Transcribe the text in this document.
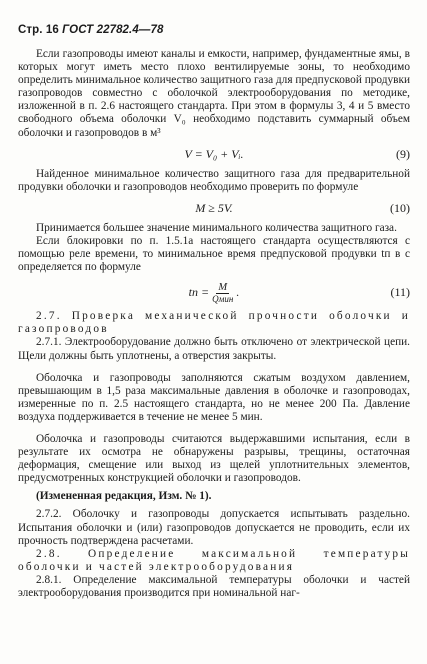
Стр. 16 ГОСТ 22782.4—78

Если газопроводы имеют каналы и емкости, например, фундаментные ямы, в которых могут иметь место плохо вентилируемые зоны, то необходимо определить минимальное количество защитного газа для предпусковой продувки газопроводов совместно с оболочкой электрооборудования по методике, изложенной в п. 2.6 настоящего стандарта. При этом в формулы 3, 4 и 5 вместо свободного объема оболочки V₀ необходимо подставить суммарный объем оболочки и газопроводов в м³

V = V₀ + Vᵢ.	(9)

Найденное минимальное количество защитного газа для предварительной продувки оболочки и газопроводов необходимо проверить по формуле

M ≥ 5V.	(10)

Принимается большее значение минимального количества защитного газа.

Если блокировки по п. 1.5.1а настоящего стандарта осуществляются с помощью реле времени, то минимальное время предпусковой продувки tп в с определяется по формуле

tп = $\frac{M}{\text{Qмин}}$ .	(11)

2.7. Проверка механической прочности оболочки и газопроводов

2.7.1. Электрооборудование должно быть отключено от электрической цепи. Щели должны быть уплотнены, а отверстия закрыты.

Оболочка и газопроводы заполняются сжатым воздухом давлением, превышающим в 1,5 раза максимальные давления в оболочке и газопроводах, измеренные по п. 2.5 настоящего стандарта, но не менее 200 Па. Давление воздуха поддерживается в течение не менее 5 мин.

Оболочка и газопроводы считаются выдержавшими испытания, если в результате их осмотра не обнаружены разрывы, трещины, остаточная деформация, смещение или выход из щелей уплотнительных элементов, предусмотренных конструкцией оболочки и газопроводов.

(Измененная редакция, Изм. № 1).

2.7.2. Оболочку и газопроводы допускается испытывать раздельно. Испытания оболочки и (или) газопроводов допускается не проводить, если их прочность подтверждена расчетами.

2.8. Определение максимальной температуры оболочки и частей электрооборудования

2.8.1. Определение максимальной температуры оболочки и частей электрооборудования производится при номинальной наг-
